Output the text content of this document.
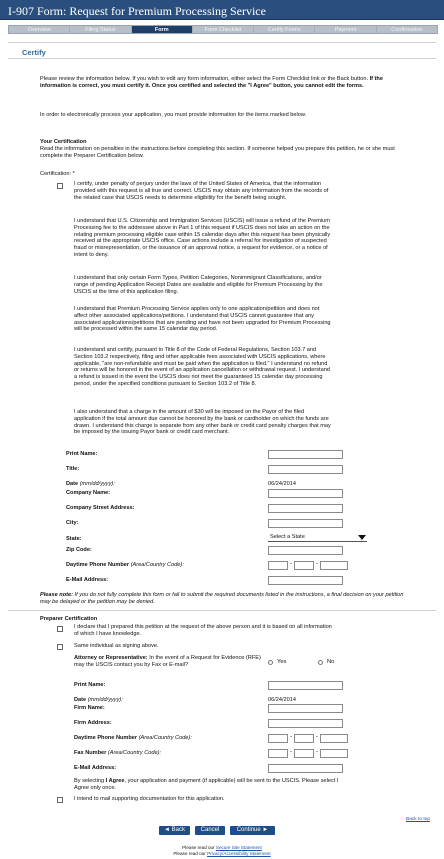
I-907 Form: Request for Premium Processing Service
Overview	Filing Status	Form	Form Checklist	Certify Forms	Payment	Confirmation
Certify
Please review the information below. If you wish to edit any form information, either select the Form Checklist link or the Back button. If the information is correct, you must certify it. Once you certified and selected the "I Agree" button, you cannot edit the forms.
In order to electronically process your application, you must provide information for the items marked below.
Your Certification
Read the information on penalties in the instructions before completing this section. If someone helped you prepare this petition, he or she must complete the Preparer Certification below.
Certification: *
I certify, under penalty of perjury under the laws of the United States of America, that the information provided with this request is all true and correct. USCIS may obtain any information from the records of the related case that USCIS needs to determine eligibility for the benefit being sought.
I understand that U.S. Citizenship and Immigration Services (USCIS) will issue a refund of the Premium Processing fee to the addressee above in Part 1 of this request if USCIS does not take an action on the relating premium processing eligible case within 15 calendar days after this request has been physically received at the appropriate USCIS office. Case actions include a referral for investigation of suspected fraud or misrepresentation, or the issuance of an approval notice, a request for evidence, or a notice of intent to deny.
I understand that only certain Form Types, Petition Categories, Nonimmigrant Classifications, and/or range of pending Application Receipt Dates are available and eligible for Premium Processing by the USCIS at the time of this application filing.
I understand that Premium Processing Service applies only to one application/petition and does not affect other associated applications/petitions. I understand that USCIS cannot guarantee that any associated applications/petitions that are pending and have not been upgraded for Premium Processing will be processed within the same 15 calendar day period.
I understand and certify, pursuant to Title 8 of the Code of Federal Regulations, Section 103.7 and Section 103.2 respectively, filing and other applicable fees associated with USCIS applications, where applicable, "are non-refundable and must be paid when the application is filed." I understand no refund or returns will be honored in the event of an application cancellation or withdrawal request. I understand a refund is issued in the event the USCIS does not meet the guaranteed 15 calendar day processing period, under the specified conditions pursuant to Section 103.2 of Title 8.
I also understand that a charge in the amount of $30 will be imposed on the Payor of the filed application if the total amount due cannot be honored by the bank or cardholder on which the funds are drawn. I understand this charge is separate from any other bank or credit card penalty charges that may be imposed by the issuing Payor bank or credit card merchant.
Print Name:
Title:
Date (mm/dd/yyyy):	06/24/2014
Company Name:
Company Street Address:
City:
State:	Select a State
Zip Code:
Daytime Phone Number (Area/Country Code):	-	-
E-Mail Address:
Please note: If you do not fully complete this form or fail to submit the required documents listed in the instructions, a final decision on your petition may be delayed or the petition may be denied.
Preparer Certification
I declare that I prepared this petition at the request of the above person and it is based on all information of which I have knowledge.
Same individual as signing above.
Attorney or Representative: In the event of a Request for Evidence (RFE) may the USCIS contact you by Fax or E-mail?	Yes	No
Print Name:
Date (mm/dd/yyyy):	06/24/2014
Firm Name:
Firm Address:
Daytime Phone Number (Area/Country Code):	-	-
Fax Number (Area/Country Code):	-	-
E-Mail Address:
By selecting I Agree, your application and payment (if applicable) will be sent to the USCIS. Please select I Agree only once.
I intend to mail supporting documentation for this application.
Back to top
◄ Back	Cancel	Continue ►
Please read our Secure Site Statement
Please read our Privacy/Accessibility Statement
